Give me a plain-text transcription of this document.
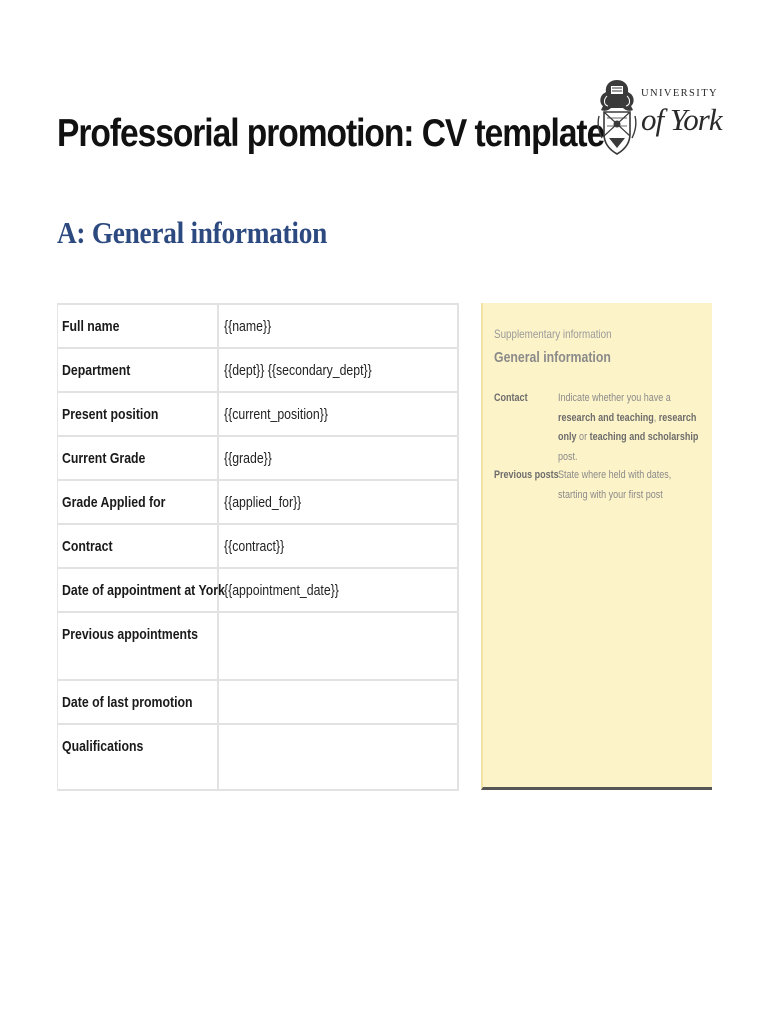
Professorial promotion: CV template
A: General information
UNIVERSITY
of York
Full name	{{name}}
Department	{{dept}} {{secondary_dept}}
Present position	{{current_position}}
Current Grade	{{grade}}
Grade Applied for	{{applied_for}}
Contract	{{contract}}
Date of appointment at York {{appointment_date}}
Previous appointments
Date of last promotion
Qualifications
Supplementary information
General information
Contact	Indicate whether you have a research and teaching, research only or teaching and scholarship post.
Previous posts State where held with dates, starting with your first post
